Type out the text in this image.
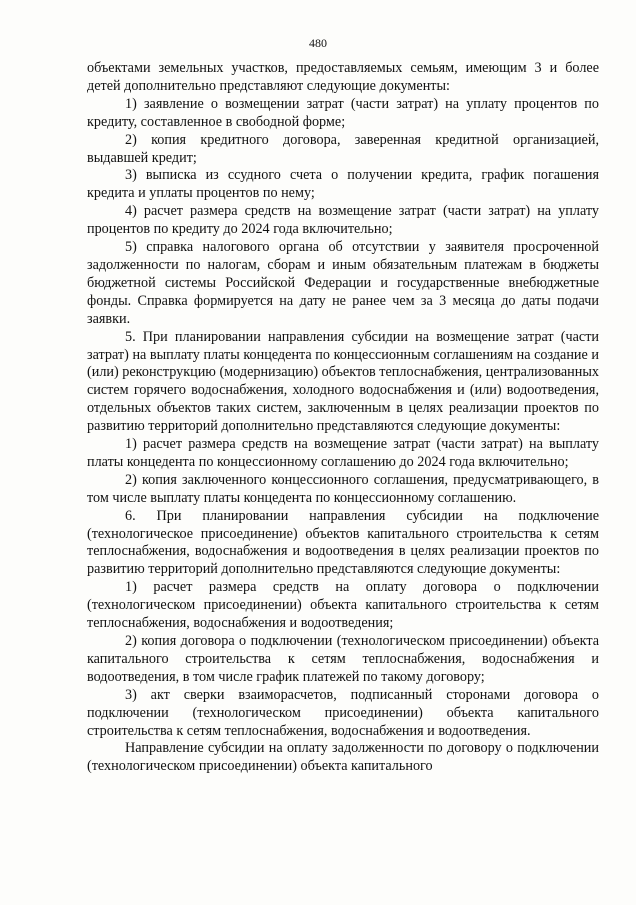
480

объектами земельных участков, предоставляемых семьям, имеющим 3 и более детей дополнительно представляют следующие документы:

1) заявление о возмещении затрат (части затрат) на уплату процентов по кредиту, составленное в свободной форме;

2) копия кредитного договора, заверенная кредитной организацией, выдавшей кредит;

3) выписка из ссудного счета о получении кредита, график погашения кредита и уплаты процентов по нему;

4) расчет размера средств на возмещение затрат (части затрат) на уплату процентов по кредиту до 2024 года включительно;

5) справка налогового органа об отсутствии у заявителя просроченной задолженности по налогам, сборам и иным обязательным платежам в бюджеты бюджетной системы Российской Федерации и государственные внебюджетные фонды. Справка формируется на дату не ранее чем за 3 месяца до даты подачи заявки.

5. При планировании направления субсидии на возмещение затрат (части затрат) на выплату платы концедента по концессионным соглашениям на создание и (или) реконструкцию (модернизацию) объектов теплоснабжения, централизованных систем горячего водоснабжения, холодного водоснабжения и (или) водоотведения, отдельных объектов таких систем, заключенным в целях реализации проектов по развитию территорий дополнительно представляются следующие документы:

1) расчет размера средств на возмещение затрат (части затрат) на выплату платы концедента по концессионному соглашению до 2024 года включительно;

2) копия заключенного концессионного соглашения, предусматривающего, в том числе выплату платы концедента по концессионному соглашению.

6. При планировании направления субсидии на подключение (технологическое присоединение) объектов капитального строительства к сетям теплоснабжения, водоснабжения и водоотведения в целях реализации проектов по развитию территорий дополнительно представляются следующие документы:

1) расчет размера средств на оплату договора о подключении (технологическом присоединении) объекта капитального строительства к сетям теплоснабжения, водоснабжения и водоотведения;

2) копия договора о подключении (технологическом присоединении) объекта капитального строительства к сетям теплоснабжения, водоснабжения и водоотведения, в том числе график платежей по такому договору;

3) акт сверки взаиморасчетов, подписанный сторонами договора о подключении (технологическом присоединении) объекта капитального строительства к сетям теплоснабжения, водоснабжения и водоотведения.

Направление субсидии на оплату задолженности по договору о подключении (технологическом присоединении) объекта капитального
